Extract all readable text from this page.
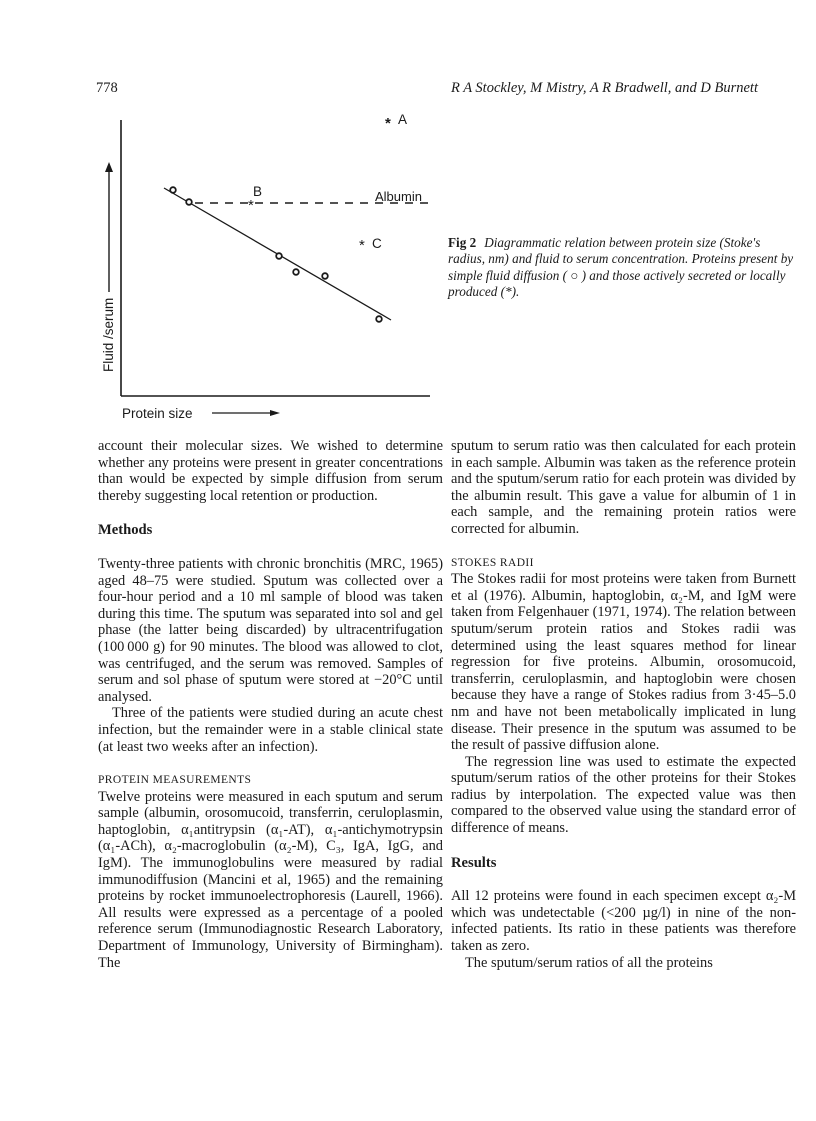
778	R A Stockley, M Mistry, A R Bradwell, and D Burnett
Fluid /serum
Protein size
Albumin
* A
*
B
* C	Fig 2 Diagrammatic relation between protein size (Stoke's radius, nm) and fluid to serum concentration. Proteins present by simple fluid diffusion ( ○ ) and those actively secreted or locally produced (*).

account their molecular sizes. We wished to determine whether any proteins were present in greater concentrations than would be expected by simple diffusion from serum thereby suggesting local retention or production.

Methods

Twenty-three patients with chronic bronchitis (MRC, 1965) aged 48–75 were studied. Sputum was collected over a four-hour period and a 10 ml sample of blood was taken during this time. The sputum was separated into sol and gel phase (the latter being discarded) by ultracentrifugation (100 000 g) for 90 minutes. The blood was allowed to clot, was centrifuged, and the serum was removed. Samples of serum and sol phase of sputum were stored at −20°C until analysed.

Three of the patients were studied during an acute chest infection, but the remainder were in a stable clinical state (at least two weeks after an infection).

PROTEIN MEASUREMENTS

Twelve proteins were measured in each sputum and serum sample (albumin, orosomucoid, transferrin, ceruloplasmin, haptoglobin, α₁antitrypsin (α₁-AT), α₁-antichymotrypsin (α₁-ACh), α₂-macroglobulin (α₂-M), C₃, IgA, IgG, and IgM). The immunoglobulins were measured by radial immunodiffusion (Mancini et al, 1965) and the remaining proteins by rocket immunoelectrophoresis (Laurell, 1966). All results were expressed as a percentage of a pooled reference serum (Immunodiagnostic Research Laboratory, Department of Immunology, University of Birmingham). The

sputum to serum ratio was then calculated for each protein in each sample. Albumin was taken as the reference protein and the sputum/serum ratio for each protein was divided by the albumin result. This gave a value for albumin of 1 in each sample, and the remaining protein ratios were corrected for albumin.

STOKES RADII

The Stokes radii for most proteins were taken from Burnett et al (1976). Albumin, haptoglobin, α₂-M, and IgM were taken from Felgenhauer (1971, 1974). The relation between sputum/serum protein ratios and Stokes radii was determined using the least squares method for linear regression for five proteins. Albumin, orosomucoid, transferrin, ceruloplasmin, and haptoglobin were chosen because they have a range of Stokes radius from 3·45–5.0 nm and have not been metabolically implicated in lung disease. Their presence in the sputum was assumed to be the result of passive diffusion alone.

The regression line was used to estimate the expected sputum/serum ratios of the other proteins for their Stokes radius by interpolation. The expected value was then compared to the observed value using the standard error of difference of means.

Results

All 12 proteins were found in each specimen except α₂-M which was undetectable (<200 µg/l) in nine of the non-infected patients. Its ratio in these patients was therefore taken as zero.

The sputum/serum ratios of all the proteins
